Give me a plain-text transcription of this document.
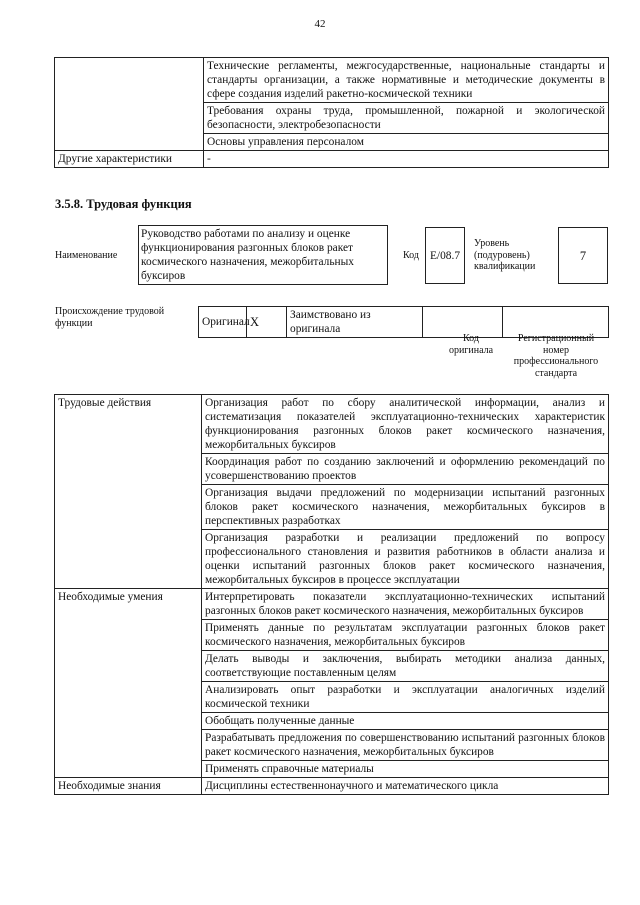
42
	Технические регламенты, межгосударственные, национальные стандарты и стандарты организации, а также нормативные и методические документы в сфере создания изделий ракетно-космической техники
	Требования охраны труда, промышленной, пожарной и экологической безопасности, электробезопасности
	Основы управления персоналом
Другие характеристики	-
3.5.8. Трудовая функция
Наименование
Руководство работами по анализу и оценке функционирования разгонных блоков ракет космического назначения, межорбитальных буксиров
Код E/08.7
Уровень (подуровень) квалификации
7
Происхождение трудовой функции	Оригинал	X	Заимствовано из оригинала		
Код оригинала
Регистрационный номер профессионального стандарта
Трудовые действия	Организация работ по сбору аналитической информации, анализ и систематизация показателей эксплуатационно-технических характеристик функционирования разгонных блоков ракет космического назначения, межорбитальных буксиров
	Координация работ по созданию заключений и оформлению рекомендаций по усовершенствованию проектов
	Организация выдачи предложений по модернизации испытаний разгонных блоков ракет космического назначения, межорбитальных буксиров в перспективных разработках
	Организация разработки и реализации предложений по вопросу профессионального становления и развития работников в области анализа и оценки испытаний разгонных блоков ракет космического назначения, межорбитальных буксиров в процессе эксплуатации
Необходимые умения	Интерпретировать показатели эксплуатационно-технических испытаний разгонных блоков ракет космического назначения, межорбитальных буксиров
	Применять данные по результатам эксплуатации разгонных блоков ракет космического назначения, межорбитальных буксиров
	Делать выводы и заключения, выбирать методики анализа данных, соответствующие поставленным целям
	Анализировать опыт разработки и эксплуатации аналогичных изделий космической техники
	Обобщать полученные данные
	Разрабатывать предложения по совершенствованию испытаний разгонных блоков ракет космического назначения, межорбитальных буксиров
	Применять справочные материалы
Необходимые знания	Дисциплины естественнонаучного и математического цикла
